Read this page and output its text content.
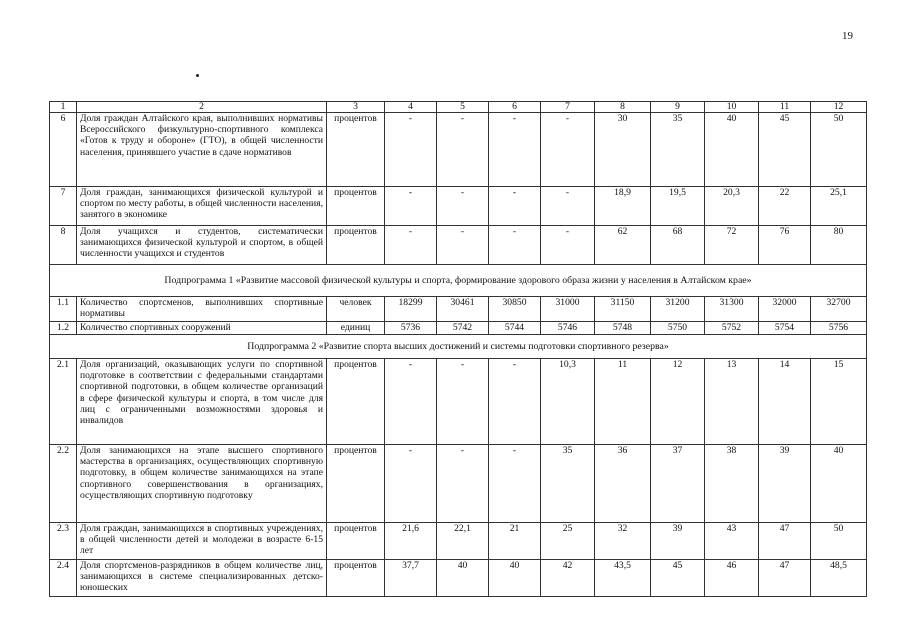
19
1	2	3	4	5	6	7	8	9	10	11	12
6	Доля граждан Алтайского края, выполнивших нормативы Всероссийского физкультурно-спортивного комплекса «Готов к труду и обороне» (ГТО), в общей численности населения, принявшего участие в сдаче нормативов	процентов	-	-	-	-	30	35	40	45	50
7	Доля граждан, занимающихся физической культурой и спортом по месту работы, в общей численности населения, занятого в экономике	процентов	-	-	-	-	18,9	19,5	20,3	22	25,1
8	Доля учащихся и студентов, систематически занимающихся физической культурой и спортом, в общей численности учащихся и студентов	процентов	-	-	-	-	62	68	72	76	80
Подпрограмма 1 «Развитие массовой физической культуры и спорта, формирование здорового образа жизни у населения в Алтайском крае»											
1.1	Количество спортсменов, выполнивших спортивные нормативы	человек	18299	30461	30850	31000	31150	31200	31300	32000	32700
1.2	Количество спортивных сооружений	единиц	5736	5742	5744	5746	5748	5750	5752	5754	5756
Подпрограмма 2 «Развитие спорта высших достижений и системы подготовки спортивного резерва»											
2.1	Доля организаций, оказывающих услуги по спортивной подготовке в соответствии с федеральными стандартами спортивной подготовки, в общем количестве организаций в сфере физической культуры и спорта, в том числе для лиц с ограниченными возможностями здоровья и инвалидов	процентов	-	-	-	10,3	11	12	13	14	15
2.2	Доля занимающихся на этапе высшего спортивного мастерства в организациях, осуществляющих спортивную подготовку, в общем количестве занимающихся на этапе спортивного совершенствования в организациях, осуществляющих спортивную подготовку	процентов	-	-	-	35	36	37	38	39	40
2.3	Доля граждан, занимающихся в спортивных учреждениях, в общей численности детей и молодежи в возрасте 6-15 лет	процентов	21,6	22,1	21	25	32	39	43	47	50
2.4	Доля спортсменов-разрядников в общем количестве лиц, занимающихся в системе специализированных детско-юношеских	процентов	37,7	40	40	42	43,5	45	46	47	48,5
